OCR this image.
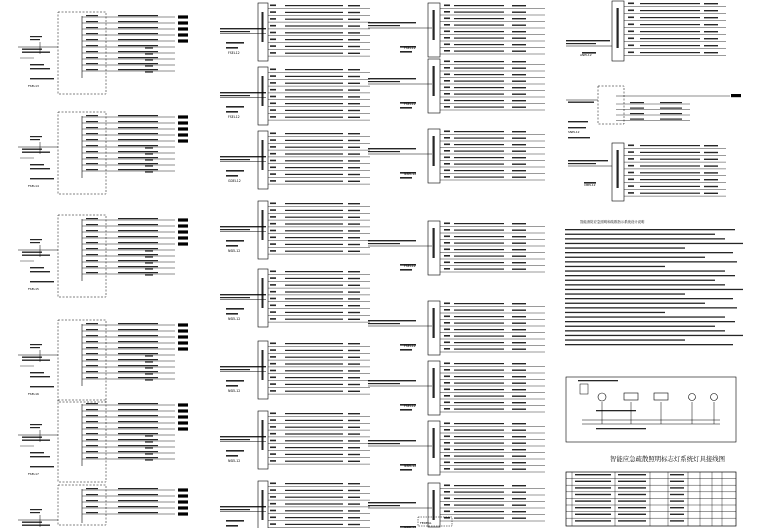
FSEL13
FSEL14
FSEL15
FSEL16
FSEL17
FSEL12
FSEL12
GDEL12
NSEL12
NSEL12
NSEL12
NSEL12
FSEL12
FSEL12
NSEL12
FSEL12
FSEL12
FSEL12
NSEL12
NSEL12
ANEL12
SNEL12
CBEL12
FEDEAL
智能消防应急照明和疏散指示系统设计说明
智能应急疏散照明标志灯系统灯具接线图
